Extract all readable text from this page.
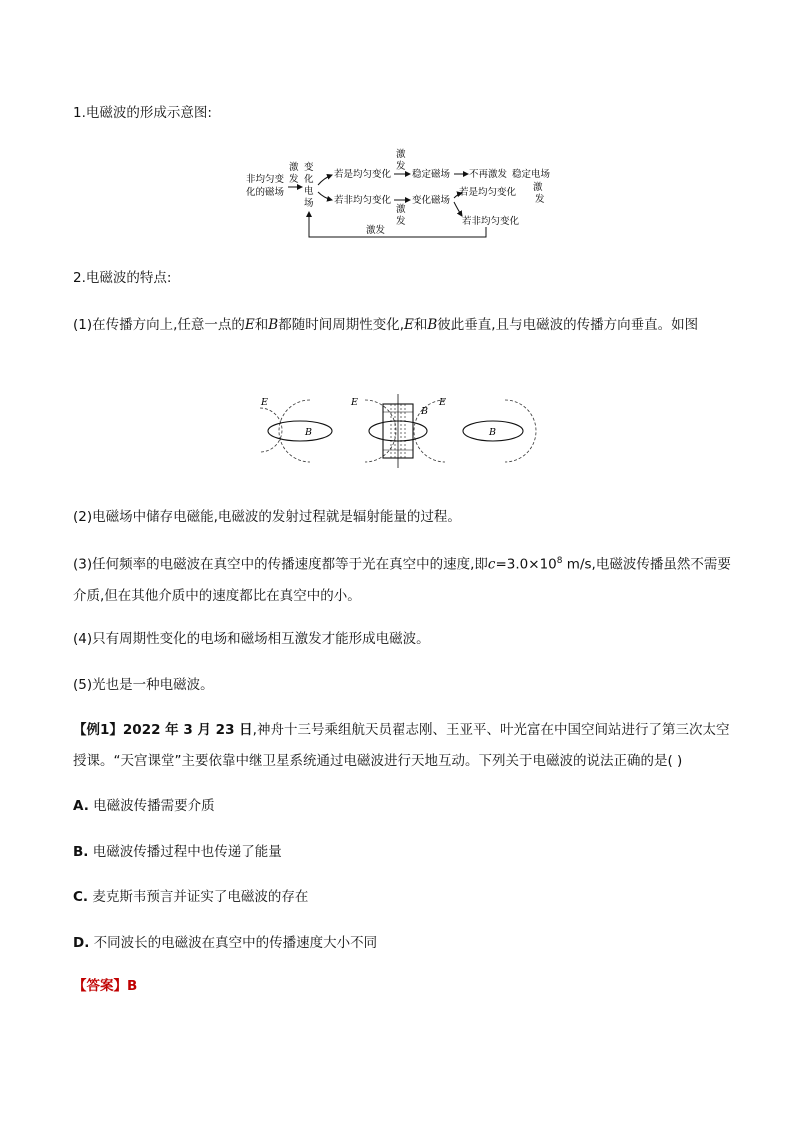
1.电磁波的形成示意图:
非均匀变
化的磁场
激
发
变
化
电
场
若是均匀变化
若非均匀变化
激
发
稳定磁场 不再激发 稳定电场
激
发
变化磁场
若是均匀变化
若非均匀变化
激
发
激发
2.电磁波的特点:
(1)在传播方向上,任意一点的E和B都随时间周期性变化,E和B彼此垂直,且与电磁波的传播方向垂直。如图
E
B
E
B
E
B
(2)电磁场中储存电磁能,电磁波的发射过程就是辐射能量的过程。
(3)任何频率的电磁波在真空中的传播速度都等于光在真空中的速度,即$c=3.0\times 10^8$ m/s,电磁波传播虽然不需要介质,但在其他介质中的速度都比在真空中的小。
(4)只有周期性变化的电场和磁场相互激发才能形成电磁波。
(5)光也是一种电磁波。
【例1】2022 年 3 月 23 日,神舟十三号乘组航天员翟志刚、王亚平、叶光富在中国空间站进行了第三次太空授课。“天宫课堂”主要依靠中继卫星系统通过电磁波进行天地互动。下列关于电磁波的说法正确的是( )
A. 电磁波传播需要介质
B. 电磁波传播过程中也传递了能量
C. 麦克斯韦预言并证实了电磁波的存在
D. 不同波长的电磁波在真空中的传播速度大小不同
【答案】B
